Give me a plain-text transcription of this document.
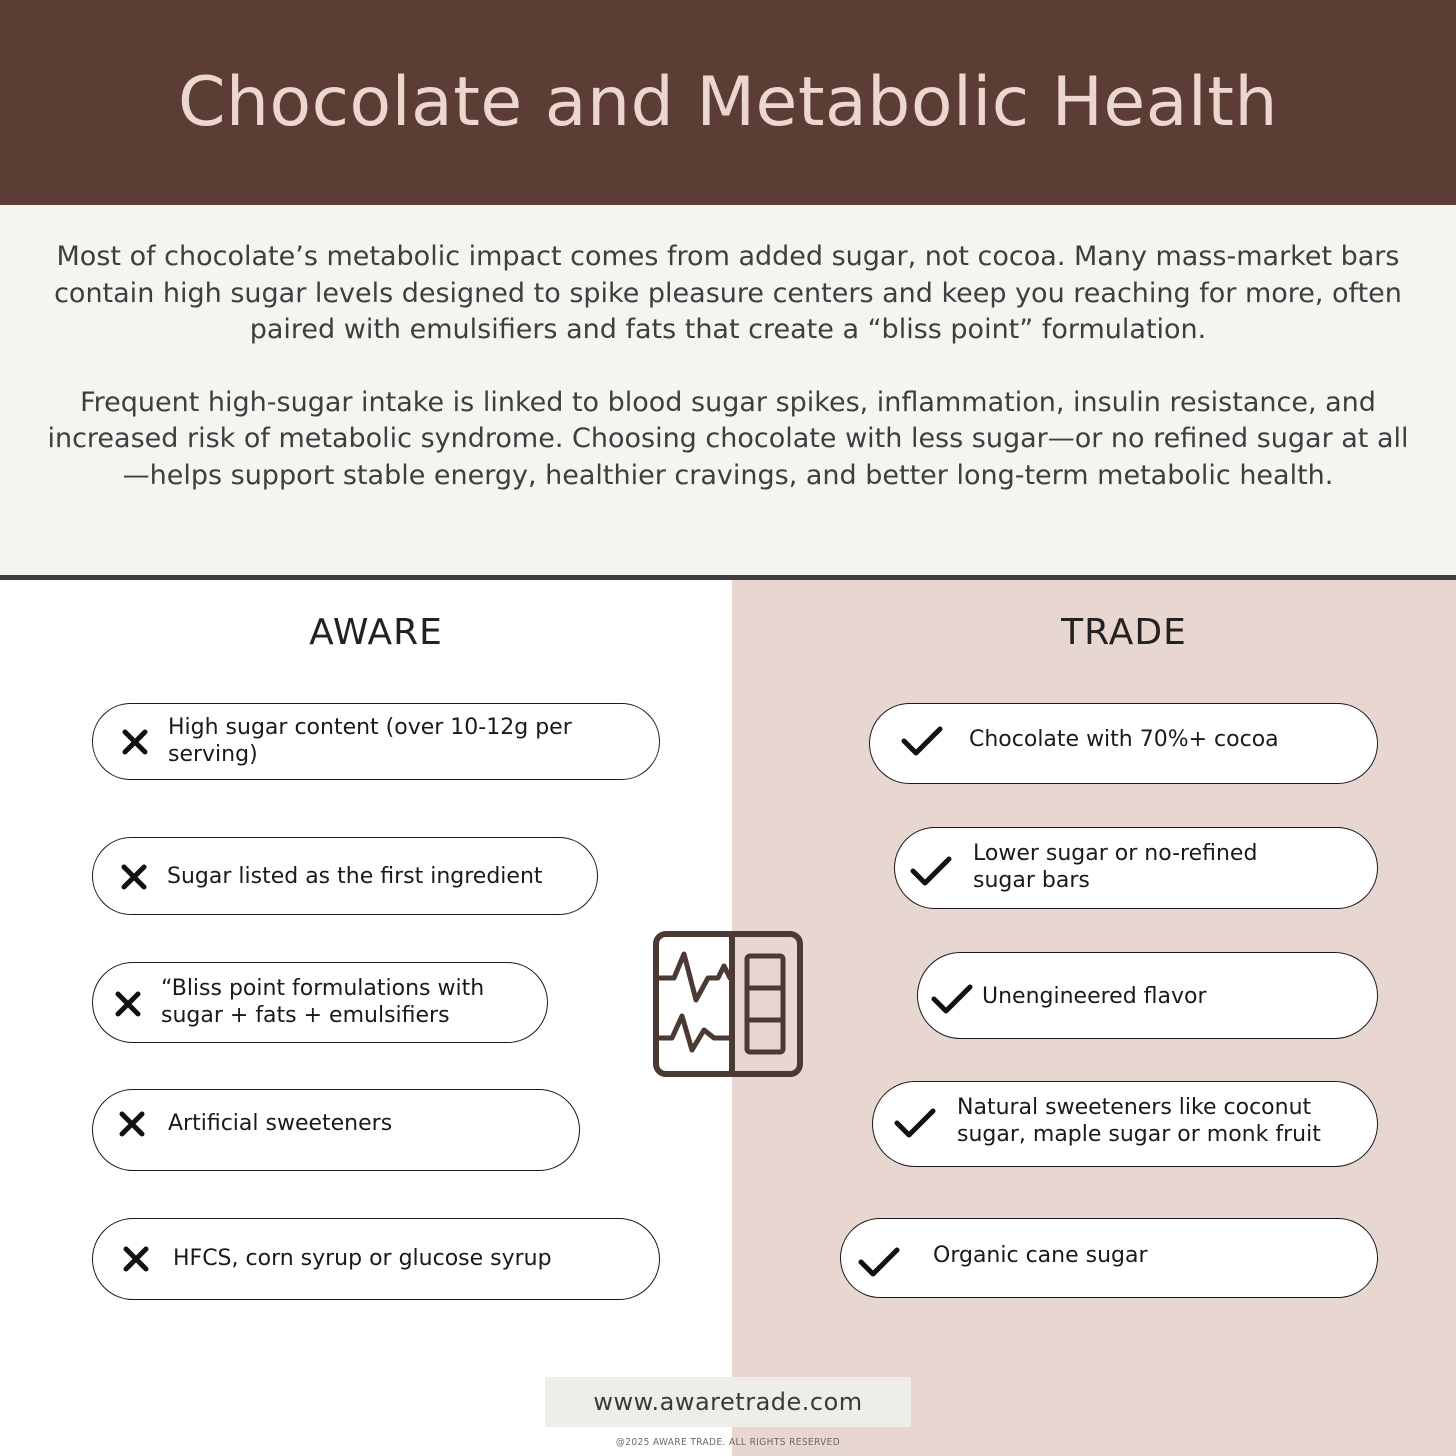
Chocolate and Metabolic Health

Most of chocolate’s metabolic impact comes from added sugar, not cocoa. Many mass-market bars contain high sugar levels designed to spike pleasure centers and keep you reaching for more, often paired with emulsifiers and fats that create a “bliss point” formulation.

Frequent high-sugar intake is linked to blood sugar spikes, inflammation, insulin resistance, and increased risk of metabolic syndrome. Choosing chocolate with less sugar—or no refined sugar at all—helps support stable energy, healthier cravings, and better long-term metabolic health.

AWARE	TRADE
High sugar content (over 10-12g per serving)
Sugar listed as the first ingredient
“Bliss point formulations with sugar + fats + emulsifiers
Artificial sweeteners
HFCS, corn syrup or glucose syrup
Chocolate with 70%+ cocoa
Lower sugar or no-refined sugar bars
Unengineered flavor
Natural sweeteners like coconut sugar, maple sugar or monk fruit
Organic cane sugar
www.awaretrade.com
@2025 AWARE TRADE. ALL RIGHTS RESERVED
